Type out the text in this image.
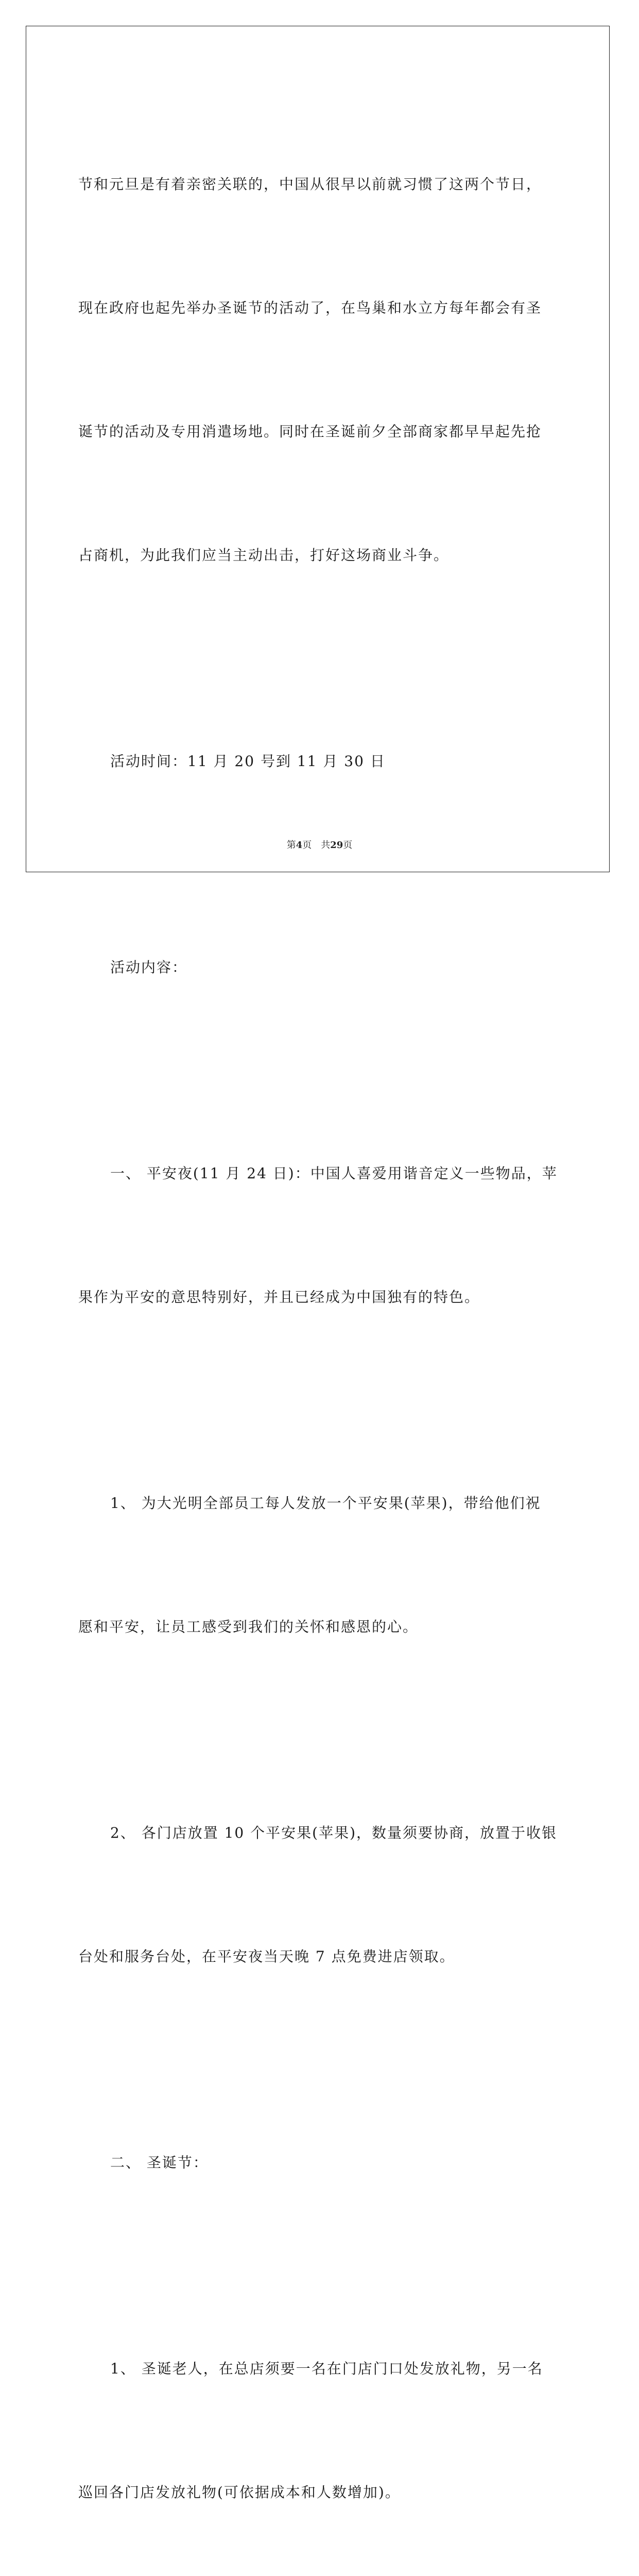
节和元旦是有着亲密关联的，中国从很早以前就习惯了这两个节日，

现在政府也起先举办圣诞节的活动了，在鸟巢和水立方每年都会有圣

诞节的活动及专用消遣场地。同时在圣诞前夕全部商家都早早起先抢

占商机，为此我们应当主动出击，打好这场商业斗争。

活动时间：11 月 20 号到 11 月 30 日

活动内容：

一、 平安夜(11 月 24 日)：中国人喜爱用谐音定义一些物品，苹

果作为平安的意思特别好，并且已经成为中国独有的特色。

1、 为大光明全部员工每人发放一个平安果(苹果)，带给他们祝

愿和平安，让员工感受到我们的关怀和感恩的心。

2、 各门店放置 10 个平安果(苹果)，数量须要协商，放置于收银

台处和服务台处，在平安夜当天晚 7 点免费进店领取。

二、 圣诞节：

1、 圣诞老人，在总店须要一名在门店门口处发放礼物，另一名

巡回各门店发放礼物(可依据成本和人数增加)。

第4页　共29页
